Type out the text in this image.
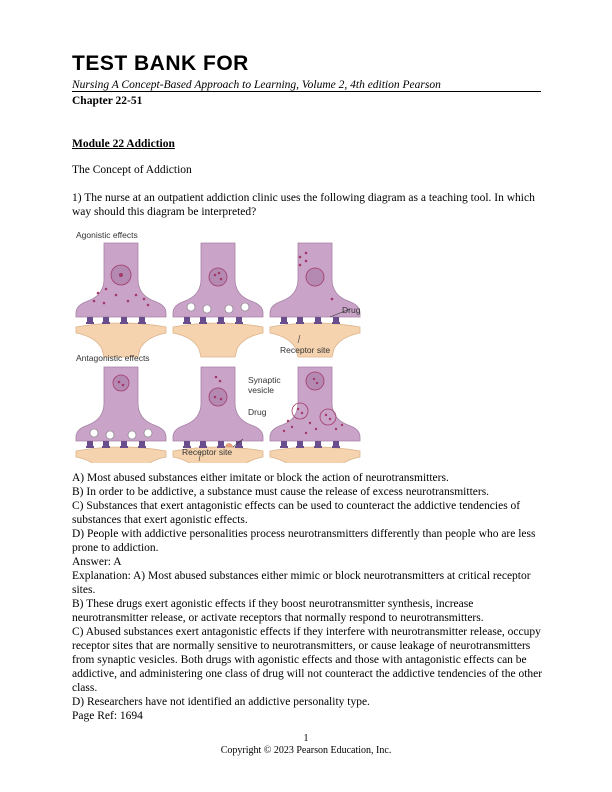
TEST BANK FOR
Nursing A Concept-Based Approach to Learning, Volume 2, 4th edition Pearson
Chapter 22-51
Module 22 Addiction
The Concept of Addiction
1) The nurse at an outpatient addiction clinic uses the following diagram as a teaching tool. In which way should this diagram be interpreted?
Agonistic effects
Drug
Receptor site
Antagonistic effects
Synaptic
vesicle
Drug
Receptor site

A) Most abused substances either imitate or block the action of neurotransmitters.

B) In order to be addictive, a substance must cause the release of excess neurotransmitters.

C) Substances that exert antagonistic effects can be used to counteract the addictive tendencies of substances that exert agonistic effects.

D) People with addictive personalities process neurotransmitters differently than people who are less prone to addiction.

Answer: A

Explanation: A) Most abused substances either mimic or block neurotransmitters at critical receptor sites.

B) These drugs exert agonistic effects if they boost neurotransmitter synthesis, increase neurotransmitter release, or activate receptors that normally respond to neurotransmitters.

C) Abused substances exert antagonistic effects if they interfere with neurotransmitter release, occupy receptor sites that are normally sensitive to neurotransmitters, or cause leakage of neurotransmitters from synaptic vesicles. Both drugs with agonistic effects and those with antagonistic effects can be addictive, and administering one class of drug will not counteract the addictive tendencies of the other class.

D) Researchers have not identified an addictive personality type.

Page Ref: 1694

1
Copyright © 2023 Pearson Education, Inc.
